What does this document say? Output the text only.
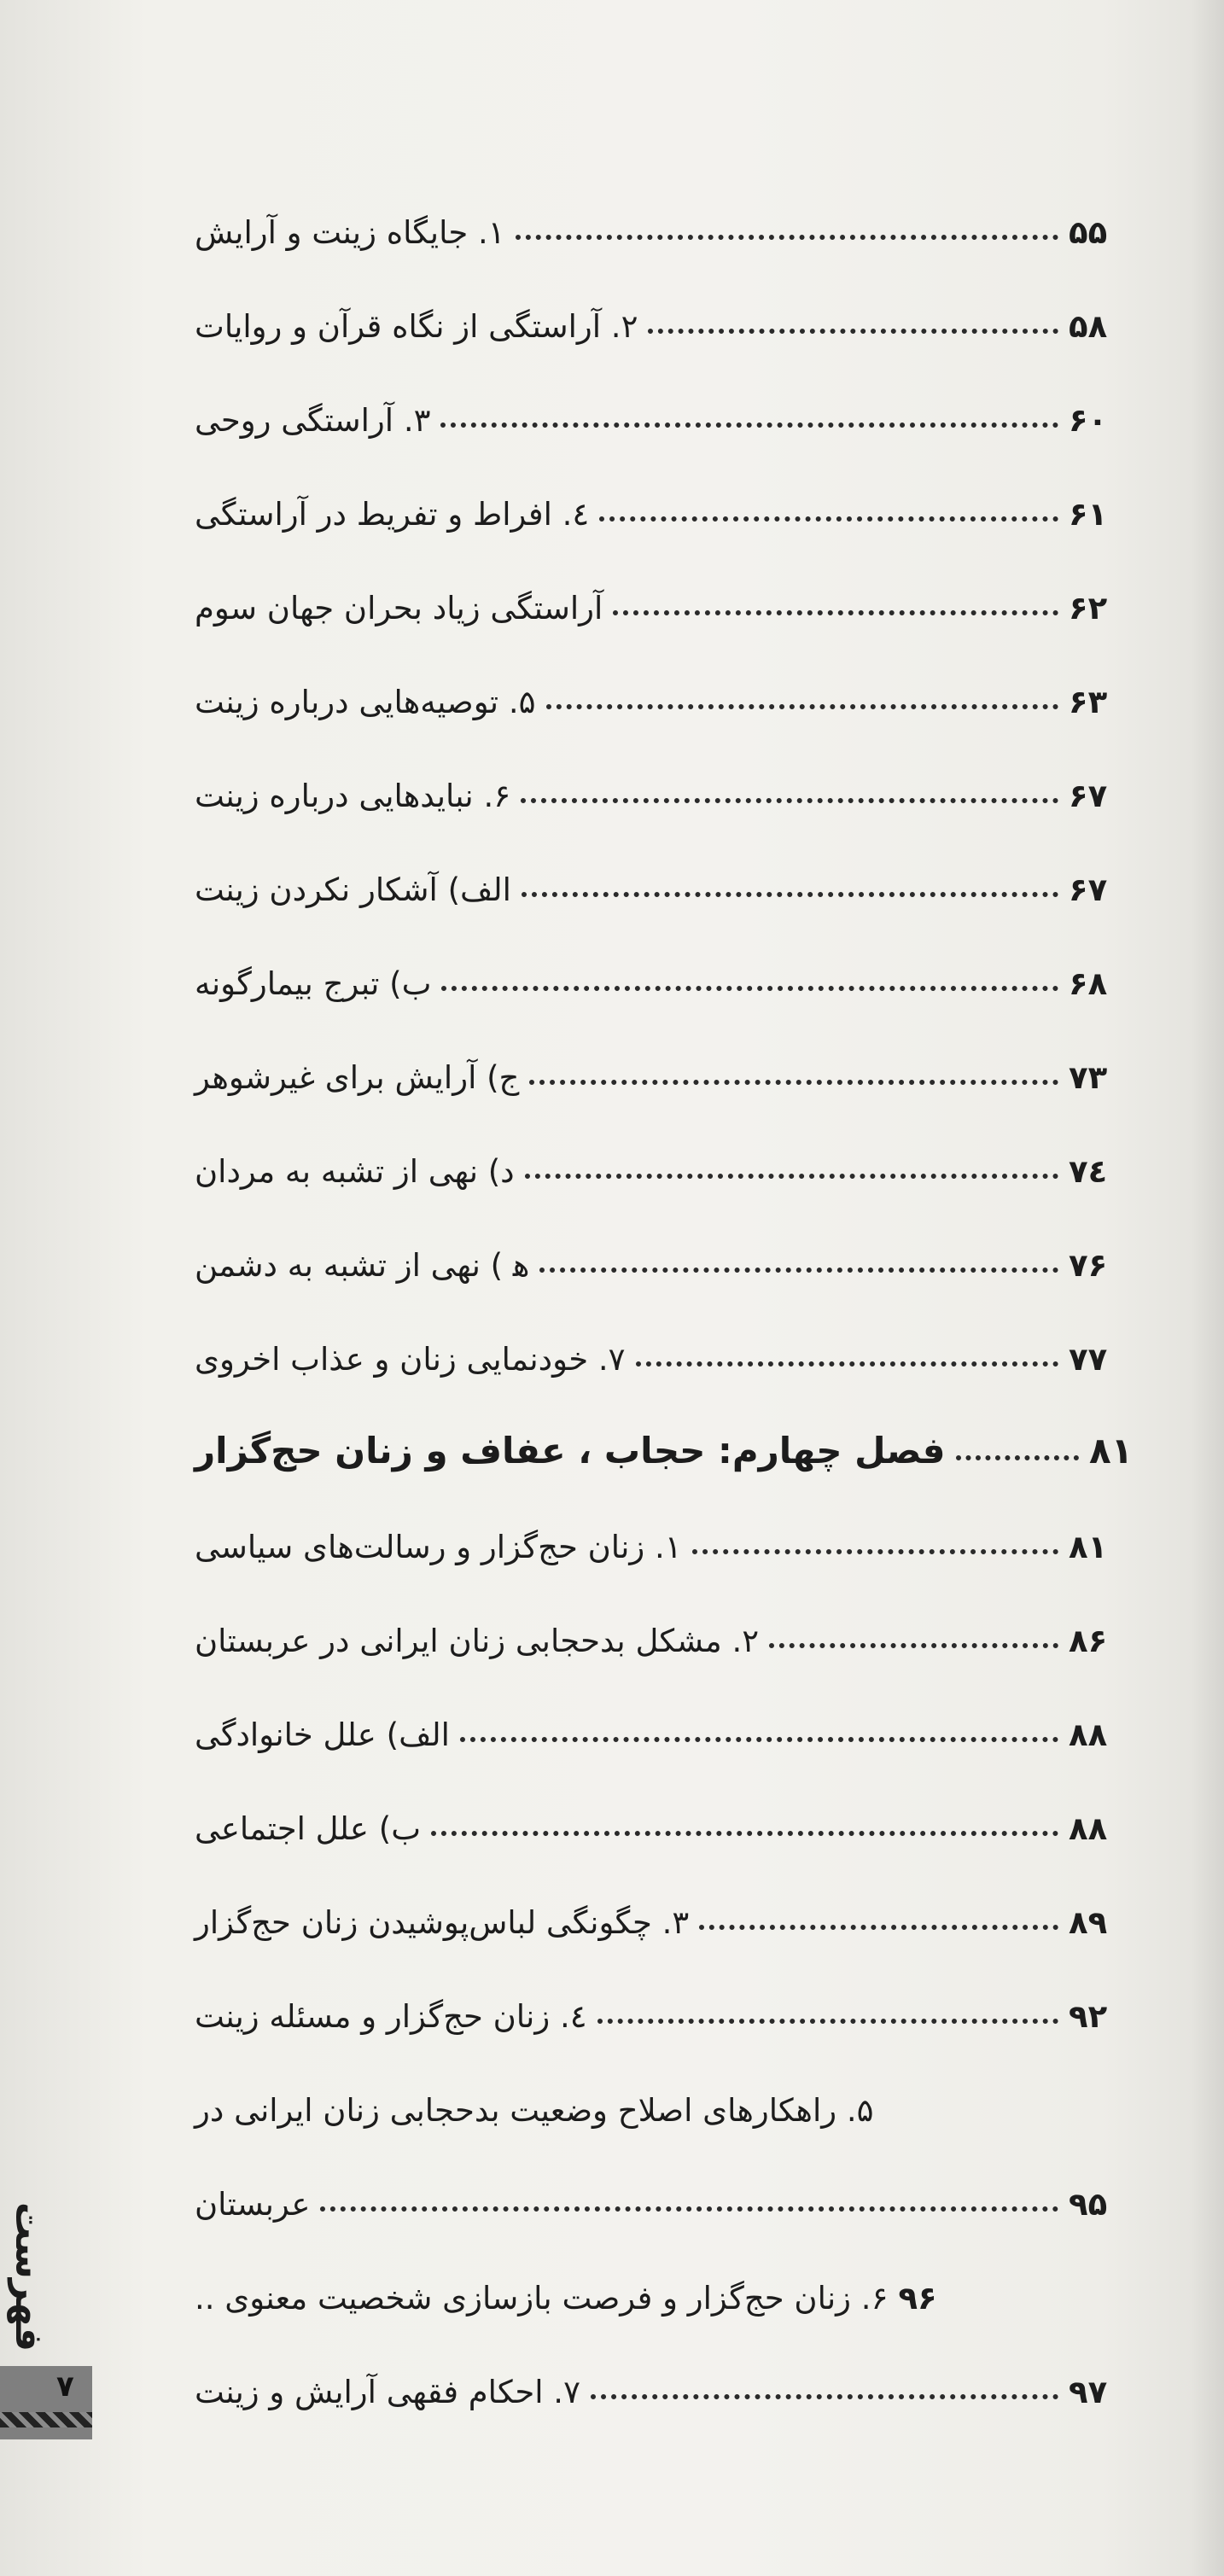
۱. جایگاه زینت و آرایش	۵۵
۲. آراستگی از نگاه قرآن و روایات	۵۸
۳. آراستگی روحی	۶۰
٤. افراط و تفریط در آراستگی	۶۱
آراستگی زیاد بحران جهان سوم	۶۲
۵. توصیه‌هایی درباره زینت	۶۳
۶. نبایدهایی درباره زینت	۶۷
الف) آشکار نکردن زینت	۶۷
ب) تبرج بیمارگونه	۶۸
ج) آرایش برای غیرشوهر	۷۳
د) نهی از تشبه به مردان	۷٤
ﻫ ) نهی از تشبه به دشمن	۷۶
۷. خودنمایی زنان و عذاب اخروی	۷۷
فصل چهارم: حجاب ، عفاف و زنان حج‌گزار	۸۱
۱. زنان حج‌گزار و رسالت‌های سیاسی	۸۱
۲. مشکل بدحجابی زنان ایرانی در عربستان	۸۶
الف) علل خانوادگی	۸۸
ب) علل اجتماعی	۸۸
۳. چگونگی لباس‌پوشیدن زنان حج‌گزار	۸۹
٤. زنان حج‌گزار و مسئله زینت	۹۲
۵. راهکارهای اصلاح وضعیت بدحجابی زنان ایرانی در
عربستان	۹۵
۶. زنان حج‌گزار و فرصت بازسازی شخصیت معنوی .. ۹۶
۷. احکام فقهی آرایش و زینت	۹۷
فهرست
۷
